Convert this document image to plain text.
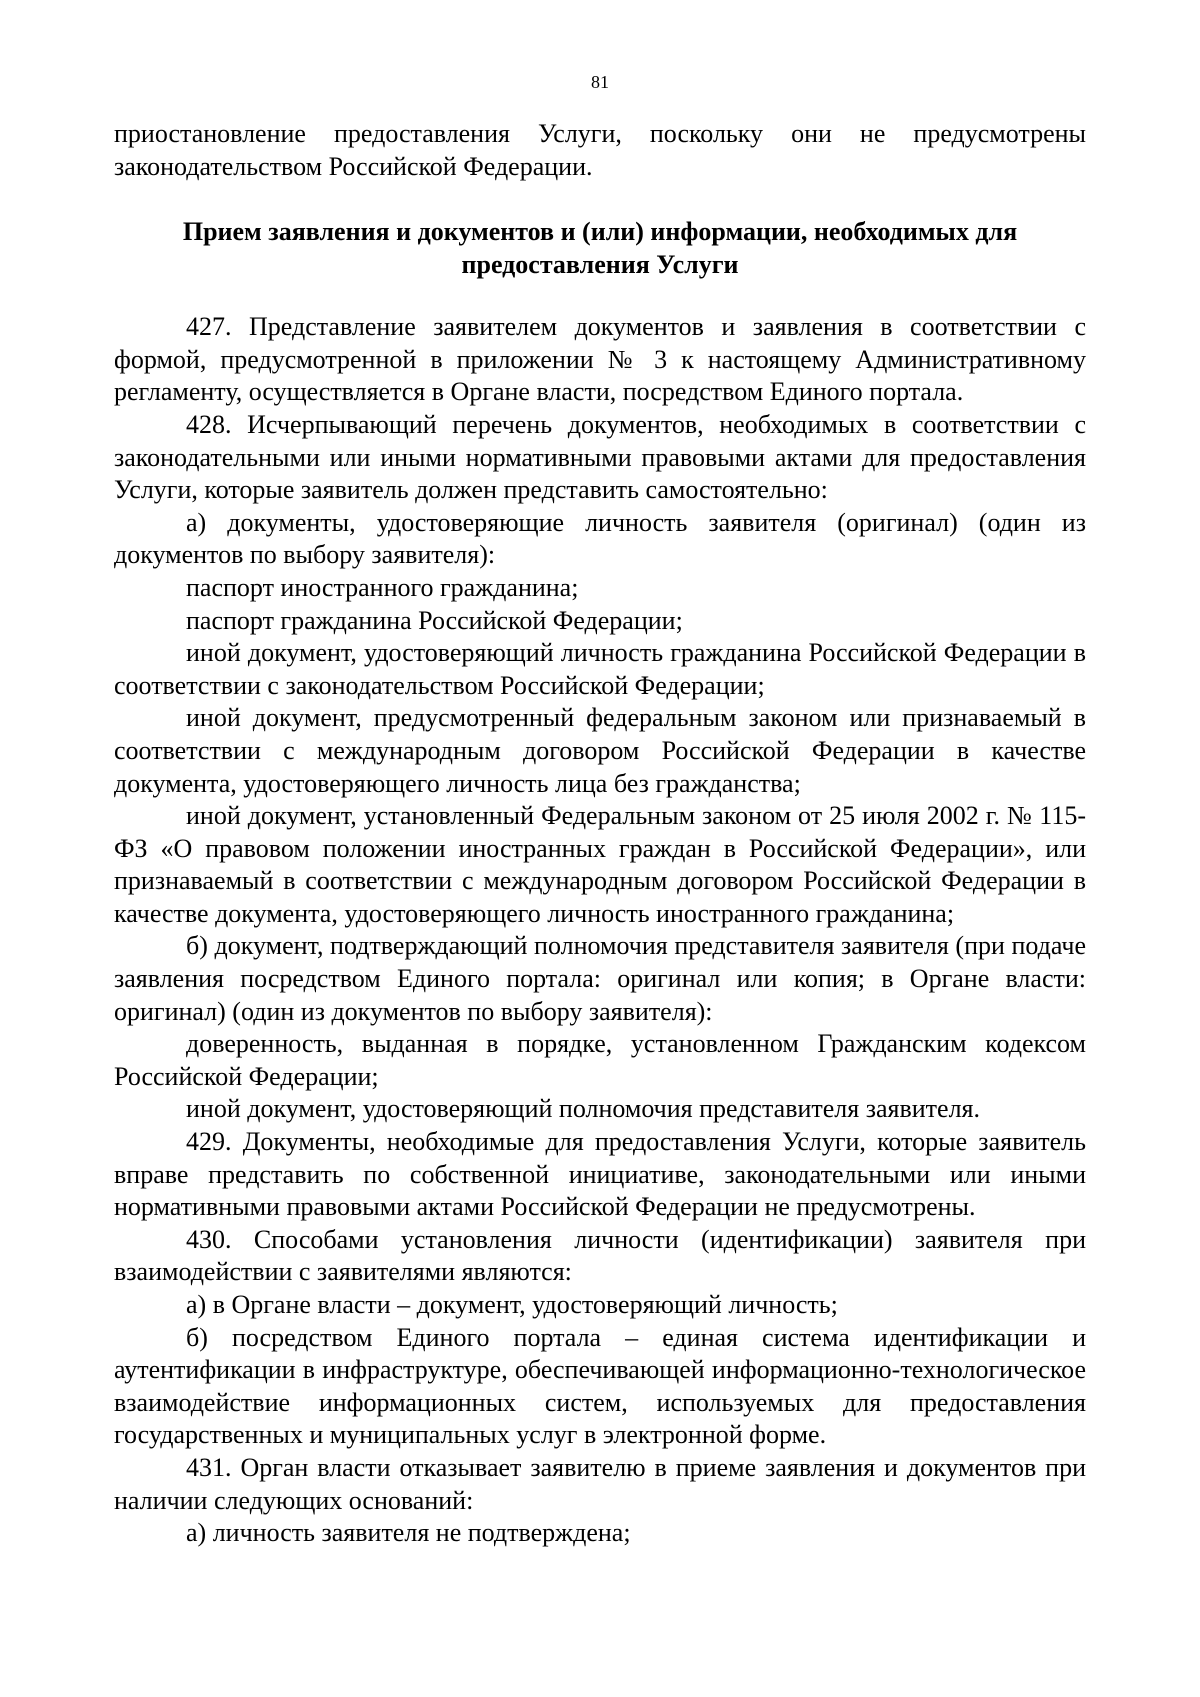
81

приостановление предоставления Услуги, поскольку они не предусмотрены законодательством Российской Федерации.

Прием заявления и документов и (или) информации, необходимых для предоставления Услуги

427. Представление заявителем документов и заявления в соответствии с формой, предусмотренной в приложении № 3 к настоящему Административному регламенту, осуществляется в Органе власти, посредством Единого портала.

428. Исчерпывающий перечень документов, необходимых в соответствии с законодательными или иными нормативными правовыми актами для предоставления Услуги, которые заявитель должен представить самостоятельно:

а) документы, удостоверяющие личность заявителя (оригинал) (один из документов по выбору заявителя):

паспорт иностранного гражданина;

паспорт гражданина Российской Федерации;

иной документ, удостоверяющий личность гражданина Российской Федерации в соответствии с законодательством Российской Федерации;

иной документ, предусмотренный федеральным законом или признаваемый в соответствии с международным договором Российской Федерации в качестве документа, удостоверяющего личность лица без гражданства;

иной документ, установленный Федеральным законом от 25 июля 2002 г. № 115-ФЗ «О правовом положении иностранных граждан в Российской Федерации», или признаваемый в соответствии с международным договором Российской Федерации в качестве документа, удостоверяющего личность иностранного гражданина;

б) документ, подтверждающий полномочия представителя заявителя (при подаче заявления посредством Единого портала: оригинал или копия; в Органе власти: оригинал) (один из документов по выбору заявителя):

доверенность, выданная в порядке, установленном Гражданским кодексом Российской Федерации;

иной документ, удостоверяющий полномочия представителя заявителя.

429. Документы, необходимые для предоставления Услуги, которые заявитель вправе представить по собственной инициативе, законодательными или иными нормативными правовыми актами Российской Федерации не предусмотрены.

430. Способами установления личности (идентификации) заявителя при взаимодействии с заявителями являются:

а) в Органе власти – документ, удостоверяющий личность;

б) посредством Единого портала – единая система идентификации и аутентификации в инфраструктуре, обеспечивающей информационно-технологическое взаимодействие информационных систем, используемых для предоставления государственных и муниципальных услуг в электронной форме.

431. Орган власти отказывает заявителю в приеме заявления и документов при наличии следующих оснований:

а) личность заявителя не подтверждена;
